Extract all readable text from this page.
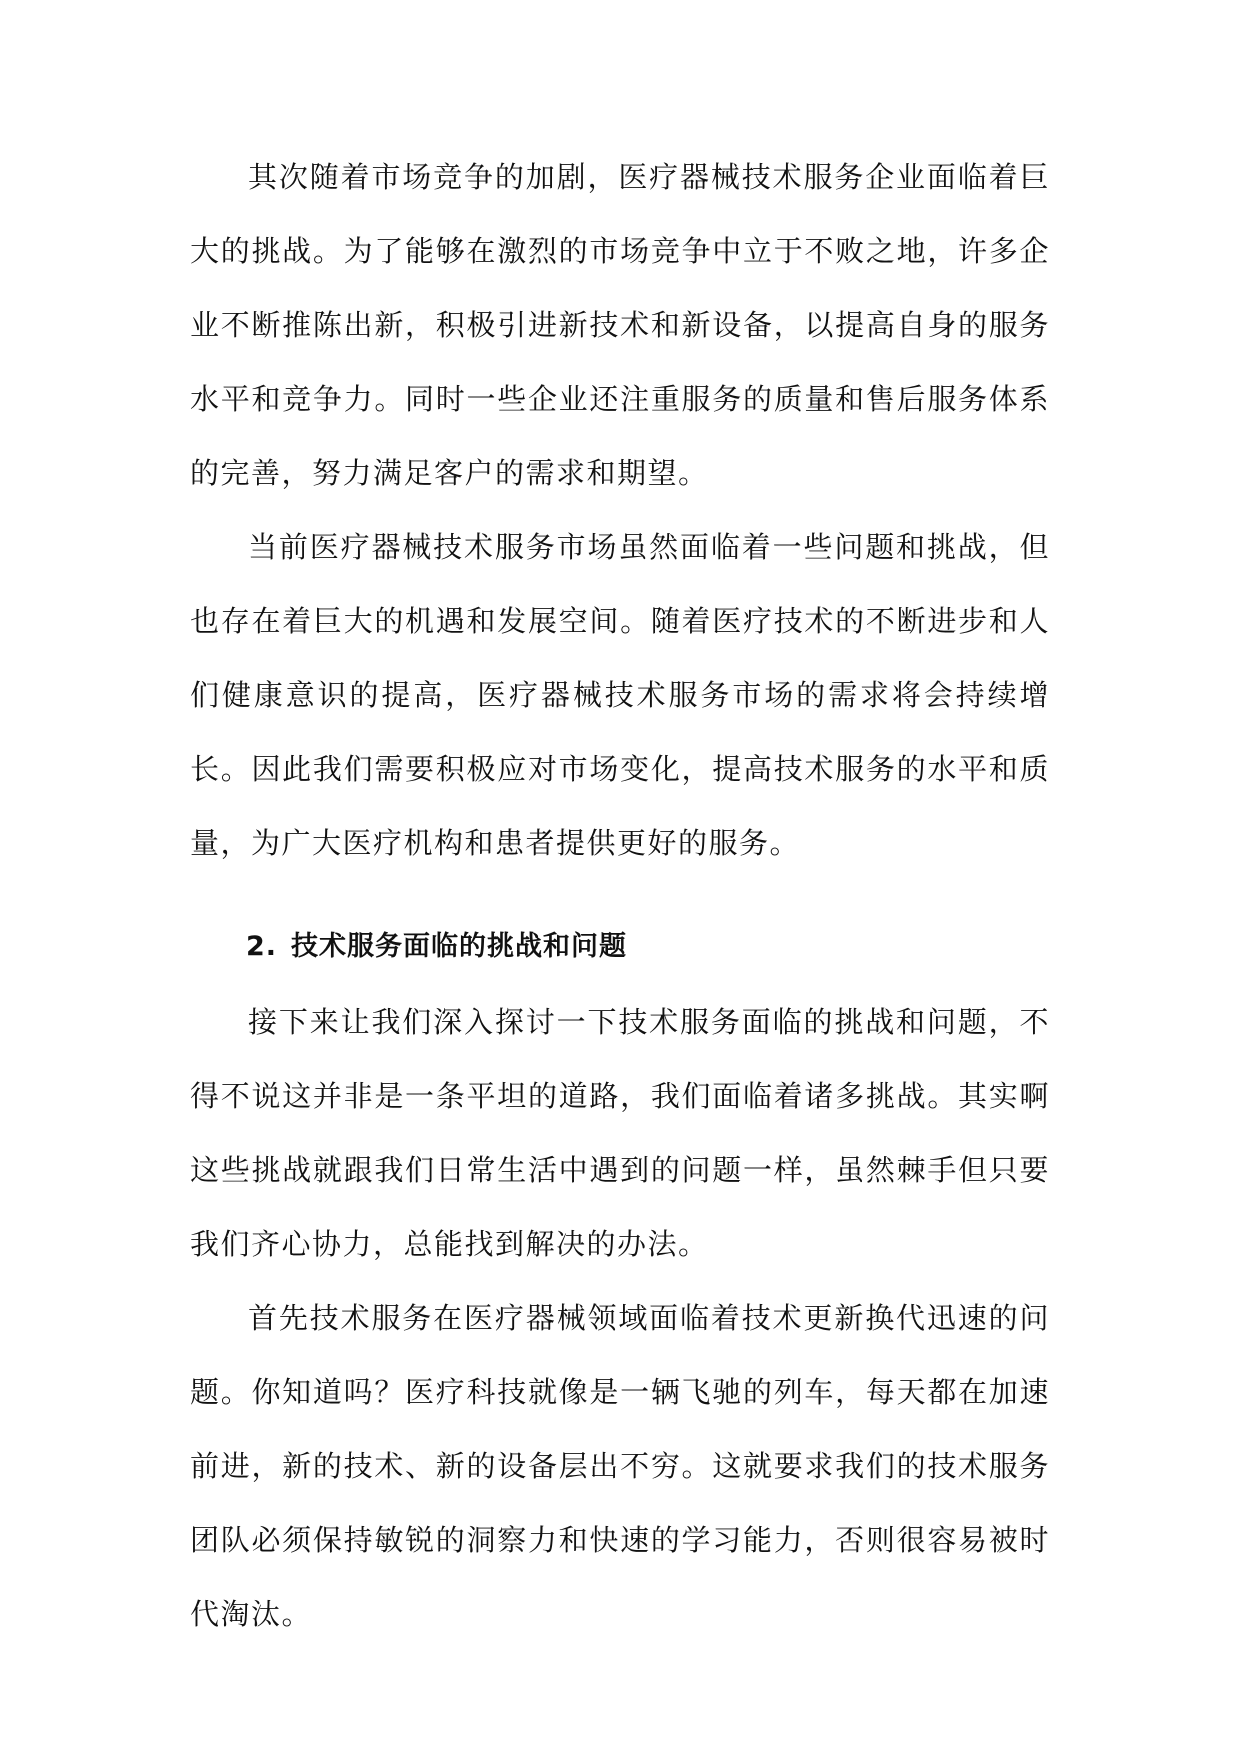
其次随着市场竞争的加剧，医疗器械技术服务企业面临着巨大的挑战。为了能够在激烈的市场竞争中立于不败之地，许多企业不断推陈出新，积极引进新技术和新设备，以提高自身的服务水平和竞争力。同时一些企业还注重服务的质量和售后服务体系的完善，努力满足客户的需求和期望。

当前医疗器械技术服务市场虽然面临着一些问题和挑战，但也存在着巨大的机遇和发展空间。随着医疗技术的不断进步和人们健康意识的提高，医疗器械技术服务市场的需求将会持续增长。因此我们需要积极应对市场变化，提高技术服务的水平和质量，为广大医疗机构和患者提供更好的服务。

2. 技术服务面临的挑战和问题

接下来让我们深入探讨一下技术服务面临的挑战和问题，不得不说这并非是一条平坦的道路，我们面临着诸多挑战。其实啊这些挑战就跟我们日常生活中遇到的问题一样，虽然棘手但只要我们齐心协力，总能找到解决的办法。

首先技术服务在医疗器械领域面临着技术更新换代迅速的问题。你知道吗？医疗科技就像是一辆飞驰的列车，每天都在加速前进，新的技术、新的设备层出不穷。这就要求我们的技术服务团队必须保持敏锐的洞察力和快速的学习能力，否则很容易被时代淘汰。
